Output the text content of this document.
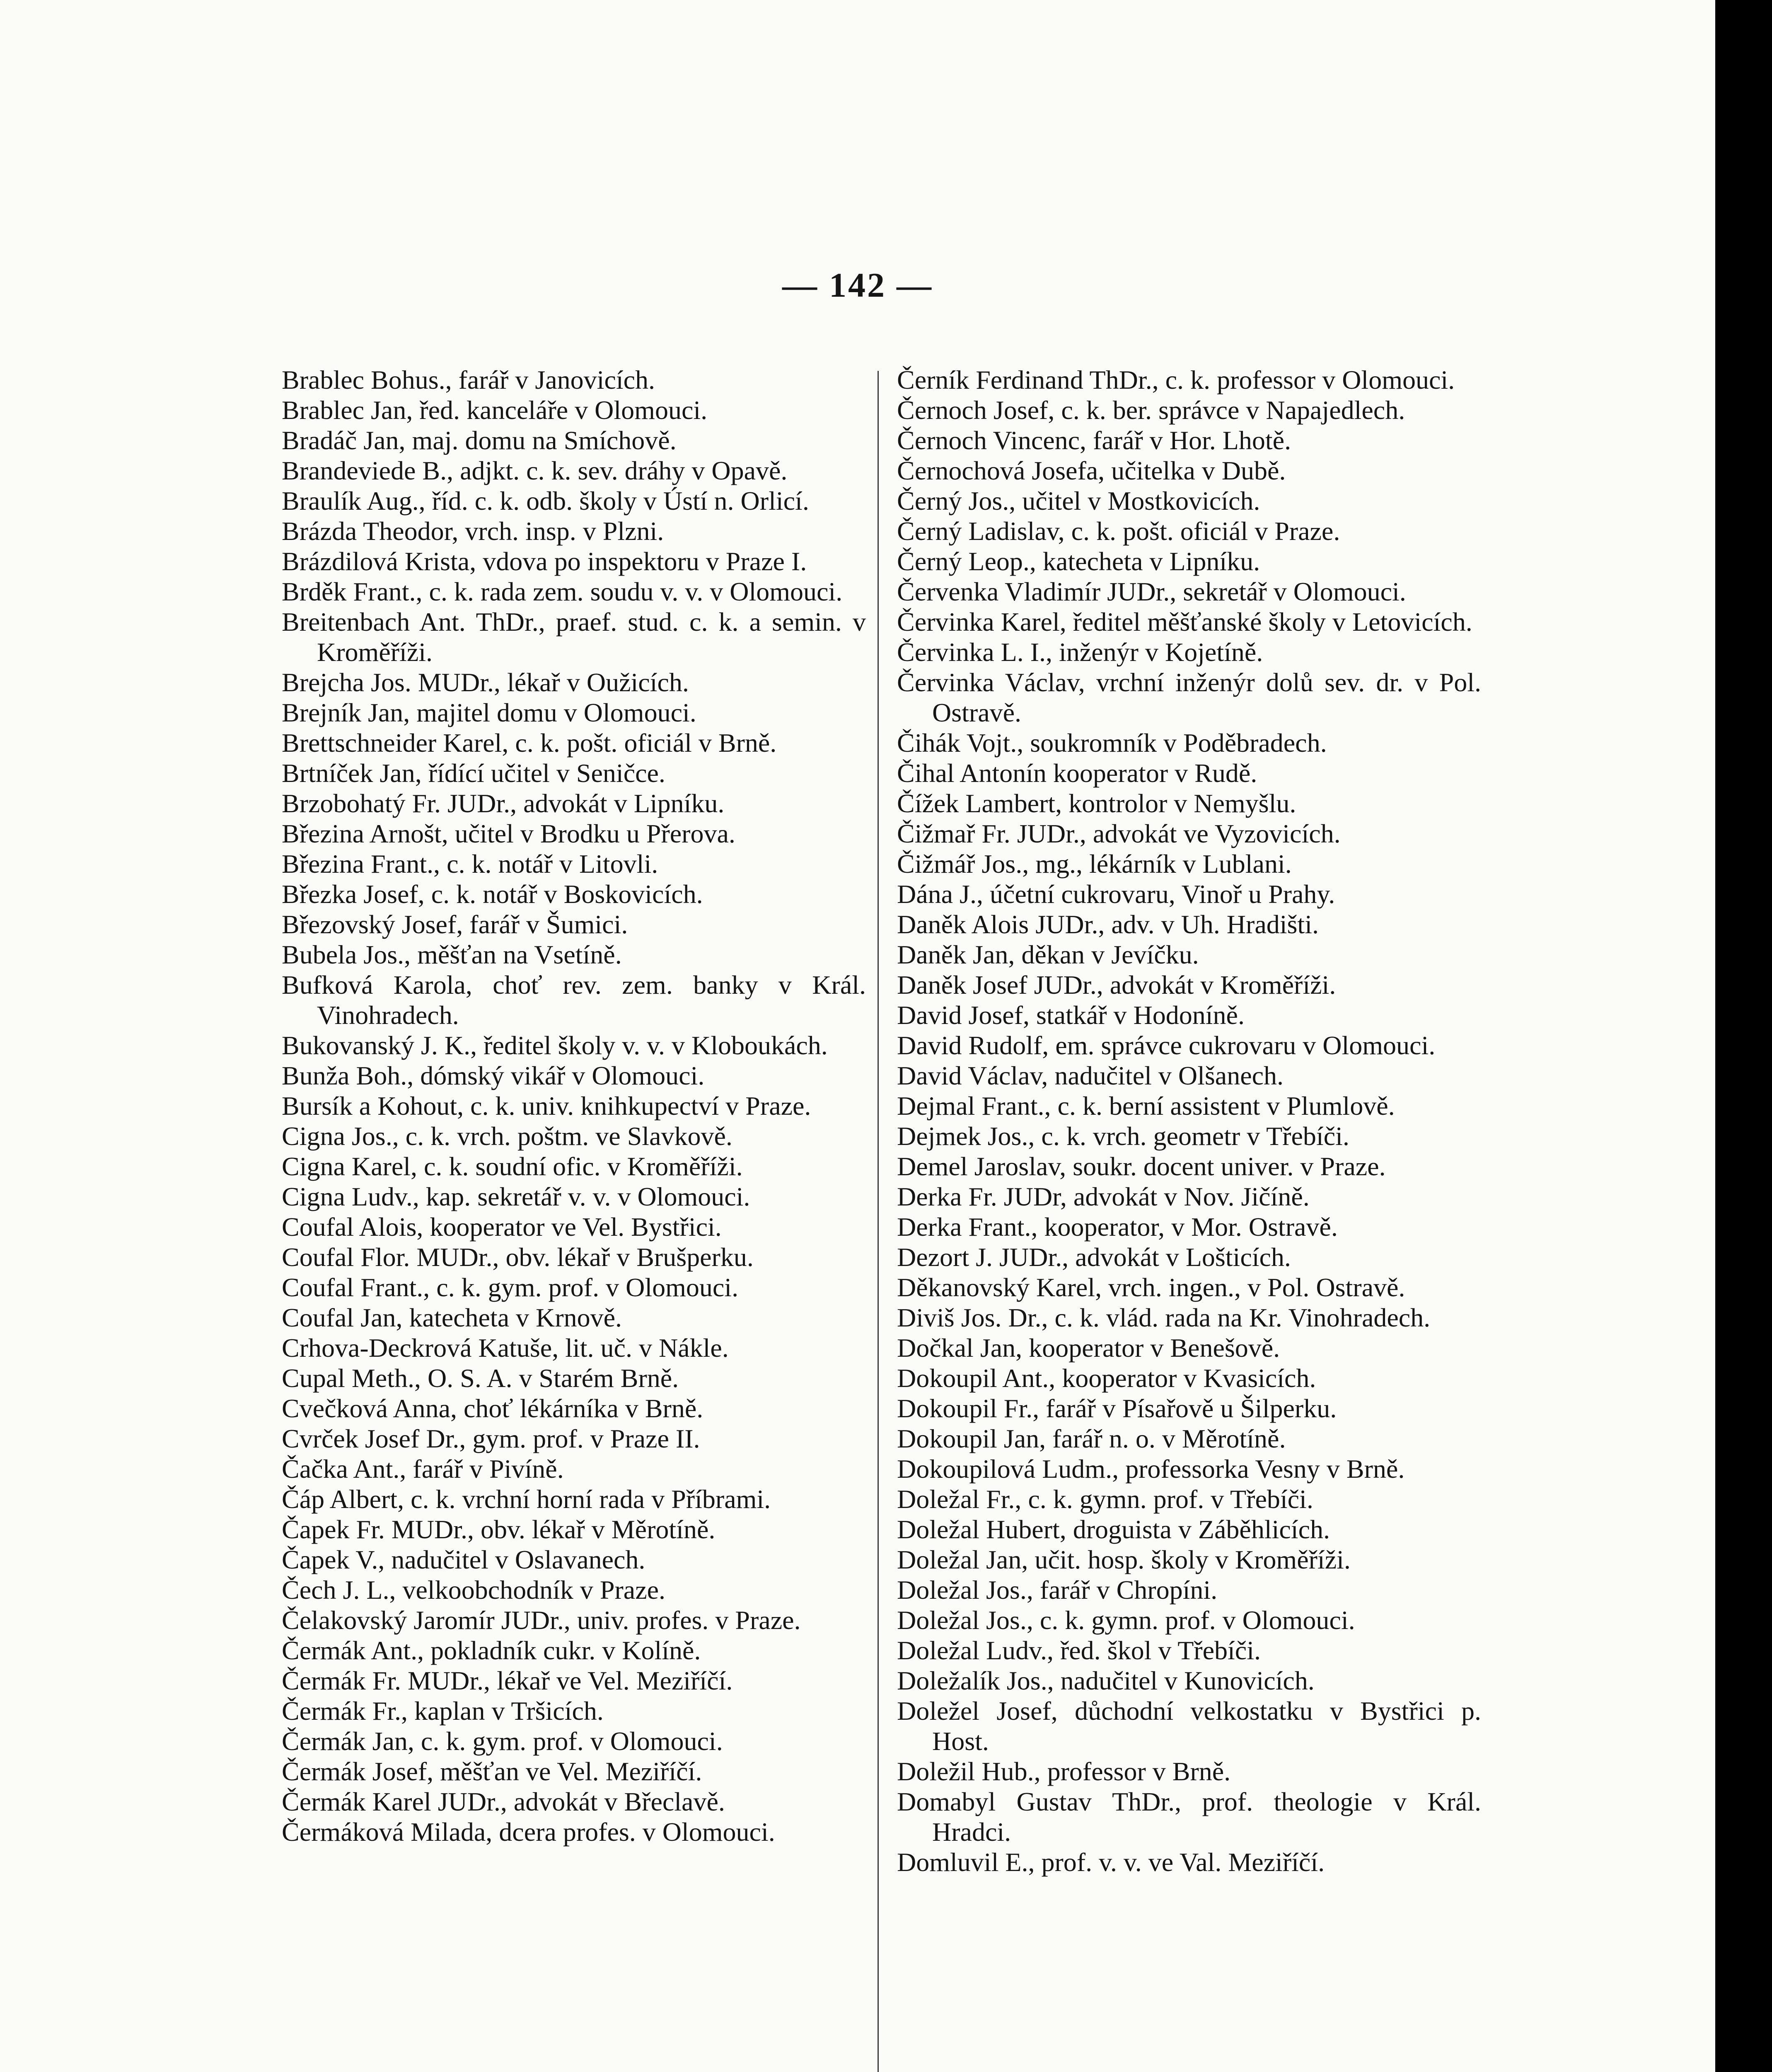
— 142 —
Brablec Bohus., farář v Janovicích.
Brablec Jan, řed. kanceláře v Olomouci.
Bradáč Jan, maj. domu na Smíchově.
Brandeviede B., adjkt. c. k. sev. dráhy v Opavě.
Braulík Aug., říd. c. k. odb. školy v Ústí n. Orlicí.
Brázda Theodor, vrch. insp. v Plzni.
Brázdilová Krista, vdova po inspektoru v Praze I.
Brděk Frant., c. k. rada zem. soudu v. v. v Olomouci.
Breitenbach Ant. ThDr., praef. stud. c. k. a semin. v Kroměříži.
Brejcha Jos. MUDr., lékař v Oužicích.
Brejník Jan, majitel domu v Olomouci.
Brettschneider Karel, c. k. pošt. oficiál v Brně.
Brtníček Jan, řídící učitel v Seničce.
Brzobohatý Fr. JUDr., advokát v Lipníku.
Březina Arnošt, učitel v Brodku u Přerova.
Březina Frant., c. k. notář v Litovli.
Březka Josef, c. k. notář v Boskovicích.
Březovský Josef, farář v Šumici.
Bubela Jos., měšťan na Vsetíně.
Bufková Karola, choť rev. zem. banky v Král. Vinohradech.
Bukovanský J. K., ředitel školy v. v. v Kloboukách.
Bunža Boh., dómský vikář v Olomouci.
Bursík a Kohout, c. k. univ. knihkupectví v Praze.
Cigna Jos., c. k. vrch. poštm. ve Slavkově.
Cigna Karel, c. k. soudní ofic. v Kroměříži.
Cigna Ludv., kap. sekretář v. v. v Olomouci.
Coufal Alois, kooperator ve Vel. Bystřici.
Coufal Flor. MUDr., obv. lékař v Brušperku.
Coufal Frant., c. k. gym. prof. v Olomouci.
Coufal Jan, katecheta v Krnově.
Crhova-Deckrová Katuše, lit. uč. v Nákle.
Cupal Meth., O. S. A. v Starém Brně.
Cvečková Anna, choť lékárníka v Brně.
Cvrček Josef Dr., gym. prof. v Praze II.
Čačka Ant., farář v Pivíně.
Čáp Albert, c. k. vrchní horní rada v Příbrami.
Čapek Fr. MUDr., obv. lékař v Měrotíně.
Čapek V., nadučitel v Oslavanech.
Čech J. L., velkoobchodník v Praze.
Čelakovský Jaromír JUDr., univ. profes. v Praze.
Čermák Ant., pokladník cukr. v Kolíně.
Čermák Fr. MUDr., lékař ve Vel. Meziříčí.
Čermák Fr., kaplan v Tršicích.
Čermák Jan, c. k. gym. prof. v Olomouci.
Čermák Josef, měšťan ve Vel. Meziříčí.
Čermák Karel JUDr., advokát v Břeclavě.
Čermáková Milada, dcera profes. v Olomouci.
Černík Ferdinand ThDr., c. k. professor v Olomouci.
Černoch Josef, c. k. ber. správce v Napajedlech.
Černoch Vincenc, farář v Hor. Lhotě.
Černochová Josefa, učitelka v Dubě.
Černý Jos., učitel v Mostkovicích.
Černý Ladislav, c. k. pošt. oficiál v Praze.
Černý Leop., katecheta v Lipníku.
Červenka Vladimír JUDr., sekretář v Olomouci.
Červinka Karel, ředitel měšťanské školy v Letovicích.
Červinka L. I., inženýr v Kojetíně.
Červinka Václav, vrchní inženýr dolů sev. dr. v Pol. Ostravě.
Čihák Vojt., soukromník v Poděbradech.
Čihal Antonín kooperator v Rudě.
Čížek Lambert, kontrolor v Nemyšlu.
Čižmař Fr. JUDr., advokát ve Vyzovicích.
Čižmář Jos., mg., lékárník v Lublani.
Dána J., účetní cukrovaru, Vinoř u Prahy.
Daněk Alois JUDr., adv. v Uh. Hradišti.
Daněk Jan, děkan v Jevíčku.
Daněk Josef JUDr., advokát v Kroměříži.
David Josef, statkář v Hodoníně.
David Rudolf, em. správce cukrovaru v Olomouci.
David Václav, nadučitel v Olšanech.
Dejmal Frant., c. k. berní assistent v Plumlově.
Dejmek Jos., c. k. vrch. geometr v Třebíči.
Demel Jaroslav, soukr. docent univer. v Praze.
Derka Fr. JUDr, advokát v Nov. Jičíně.
Derka Frant., kooperator, v Mor. Ostravě.
Dezort J. JUDr., advokát v Lošticích.
Děkanovský Karel, vrch. ingen., v Pol. Ostravě.
Diviš Jos. Dr., c. k. vlád. rada na Kr. Vinohradech.
Dočkal Jan, kooperator v Benešově.
Dokoupil Ant., kooperator v Kvasicích.
Dokoupil Fr., farář v Písařově u Šilperku.
Dokoupil Jan, farář n. o. v Měrotíně.
Dokoupilová Ludm., professorka Vesny v Brně.
Doležal Fr., c. k. gymn. prof. v Třebíči.
Doležal Hubert, droguista v Záběhlicích.
Doležal Jan, učit. hosp. školy v Kroměříži.
Doležal Jos., farář v Chropíni.
Doležal Jos., c. k. gymn. prof. v Olomouci.
Doležal Ludv., řed. škol v Třebíči.
Doležalík Jos., nadučitel v Kunovicích.
Doležel Josef, důchodní velkostatku v Bystřici p. Host.
Doležil Hub., professor v Brně.
Domabyl Gustav ThDr., prof. theologie v Král. Hradci.
Domluvil E., prof. v. v. ve Val. Meziříčí.
